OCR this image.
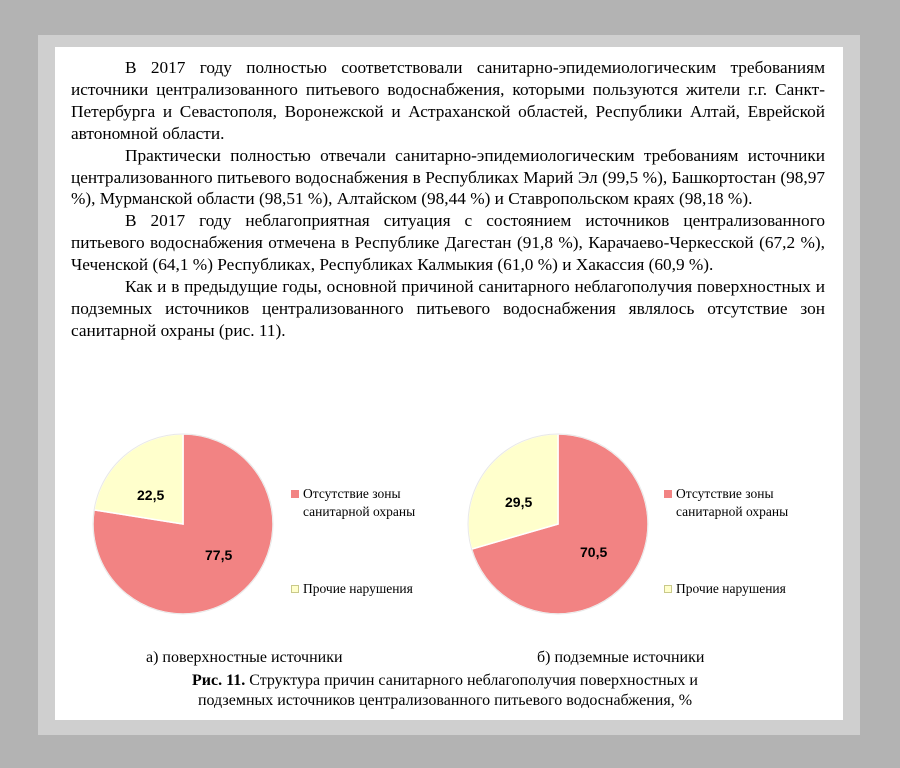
В 2017 году полностью соответствовали санитарно-эпидемиологическим требованиям источники централизованного питьевого водоснабжения, которыми пользуются жители г.г. Санкт-Петербурга и Севастополя, Воронежской и Астраханской областей, Республики Алтай, Еврейской автономной области.

Практически полностью отвечали санитарно-эпидемиологическим требованиям источники централизованного питьевого водоснабжения в Республиках Марий Эл (99,5 %), Башкортостан (98,97 %), Мурманской области (98,51 %), Алтайском (98,44 %) и Ставропольском краях (98,18 %).

В 2017 году неблагоприятная ситуация с состоянием источников централизованного питьевого водоснабжения отмечена в Республике Дагестан (91,8 %), Карачаево-Черкесской (67,2 %), Чеченской (64,1 %) Республиках, Республиках Калмыкия (61,0 %) и Хакассия (60,9 %).

Как и в предыдущие годы, основной причиной санитарного неблагополучия поверхностных и подземных источников централизованного питьевого водоснабжения являлось отсутствие зон санитарной охраны (рис. 11).

77,5
22,5
70,5
29,5
Отсутствие зоны
санитарной охраны
Прочие нарушения
Отсутствие зоны
санитарной охраны
Прочие нарушения
а) поверхностные источники	б) подземные источники
Рис. 11. Структура причин санитарного неблагополучия поверхностных и
подземных источников централизованного питьевого водоснабжения, %
